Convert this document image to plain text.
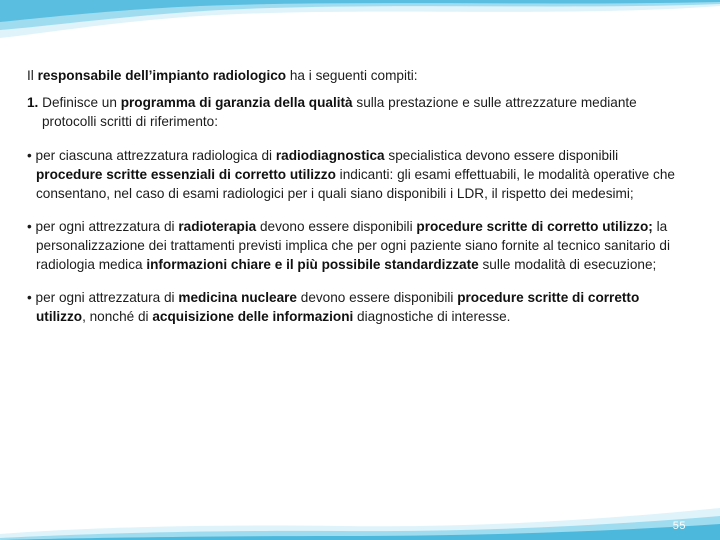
Il responsabile dell’impianto radiologico ha i seguenti compiti:

1. Definisce un programma di garanzia della qualità sulla prestazione e sulle attrezzature mediante protocolli scritti di riferimento:

• per ciascuna attrezzatura radiologica di radiodiagnostica specialistica devono essere disponibili procedure scritte essenziali di corretto utilizzo indicanti: gli esami effettuabili, le modalità operative che consentano, nel caso di esami radiologici per i quali siano disponibili i LDR, il rispetto dei medesimi;

• per ogni attrezzatura di radioterapia devono essere disponibili procedure scritte di corretto utilizzo; la personalizzazione dei trattamenti previsti implica che per ogni paziente siano fornite al tecnico sanitario di radiologia medica informazioni chiare e il più possibile standardizzate sulle modalità di esecuzione;

• per ogni attrezzatura di medicina nucleare devono essere disponibili procedure scritte di corretto utilizzo, nonché di acquisizione delle informazioni diagnostiche di interesse.

55
